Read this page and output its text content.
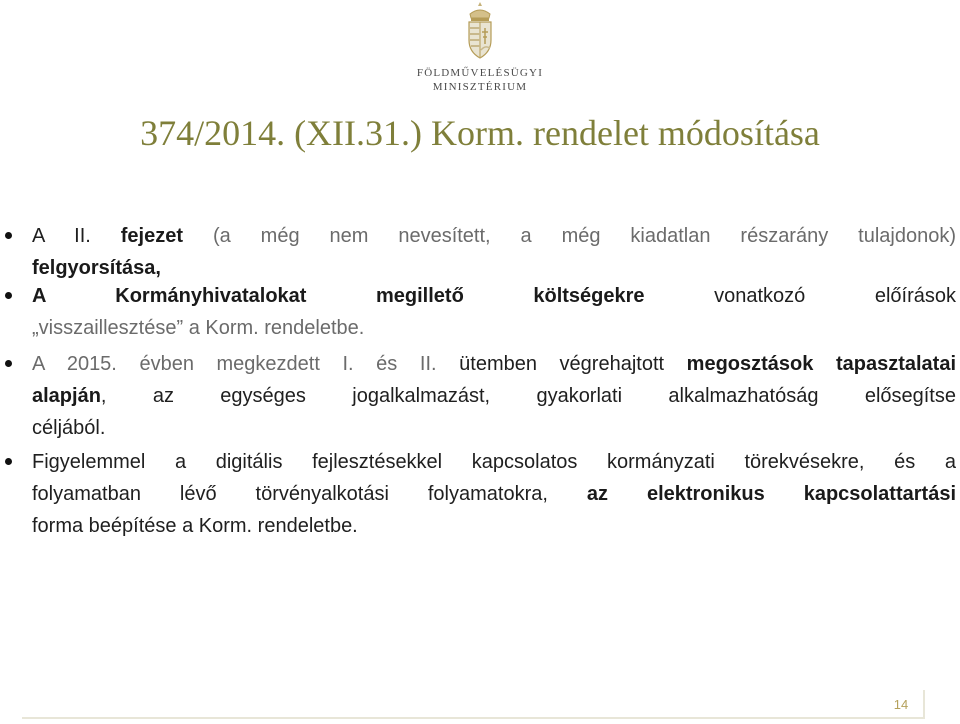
FÖLDMŰVELÉSÜGYI
MINISZTÉRIUM
374/2014. (XII.31.) Korm. rendelet módosítása
A II. fejezet (a még nem nevesített, a még kiadatlan részarány tulajdonok)
felgyorsítása,
A Kormányhivatalokat megillető költségekre vonatkozó előírások
„visszaillesztése” a Korm. rendeletbe.
A 2015. évben megkezdett I. és II. ütemben végrehajtott megosztások tapasztalatai
alapján, az egységes jogalkalmazást, gyakorlati alkalmazhatóság elősegítse
céljából.
Figyelemmel a digitális fejlesztésekkel kapcsolatos kormányzati törekvésekre, és a
folyamatban lévő törvényalkotási folyamatokra, az elektronikus kapcsolattartási
forma beépítése a Korm. rendeletbe.
14
